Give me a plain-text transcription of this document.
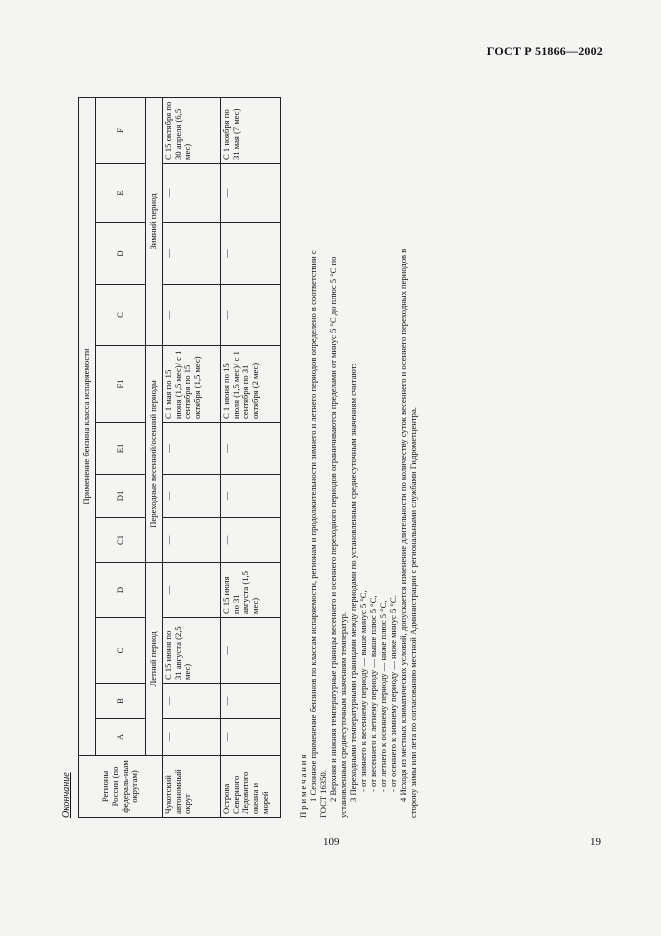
ГОСТ Р 51866—2002
Окончание	Регионы России (по федераль-ным округам)	Применение бензина класса испаряемости											
	A	B	C	D	C1	D1	E1	F1	C	D	E	F
	Летний период				Переходные весенний/осенний периоды				Зимний период			
Чукотский автономный округ	—	—	С 15 июня по 31 августа (2,5 мес)	—	—	—	—	С 1 мая по 15 июня (1,5 мес)/ с 1 сентября по 15 октября (1,5 мес)	—	—	—	С 15 октября по 30 апреля (6,5 мес)
Острова Северного Ледовитого океана и морей	—	—	—	С 15 июля по 31 августа (1,5 мес)	—	—	—	С 1 июня по 15 июля (1,5 мес)/ с 1 сентября по 31 октября (2 мес)	—	—	—	С 1 ноября по 31 мая (7 мес)

Примечания 1 Сезонное применение бензинов по классам испаряемости, регионам и продолжительности зимнего и летнего периодов определено в соответствии с ГОСТ 16350. 2 Верхняя и нижняя температурные границы весеннего и осеннего переходного периодов ограничиваются пределами от минус 5 °С до плюс 5 °С по установленным среднесуточным значениям температур. 3 Переходными температурными границами между периодами по установленным среднесуточным значениям считают: - от зимнего к весеннему периоду — выше минус 5 °С, - от весеннего к летнему периоду — выше плюс 5 °С, - от летнего к осеннему периоду — ниже плюс 5 °С, - от осеннего к зимнему периоду — ниже минус 5 °С. 4 Исходя из местных климатических условий, допускается изменение длительности по количеству суток весеннего и осеннего переходных периодов в сторону зимы или лета по согласованию местной Администрации с региональными службами Гидрометцентра.

109	19
